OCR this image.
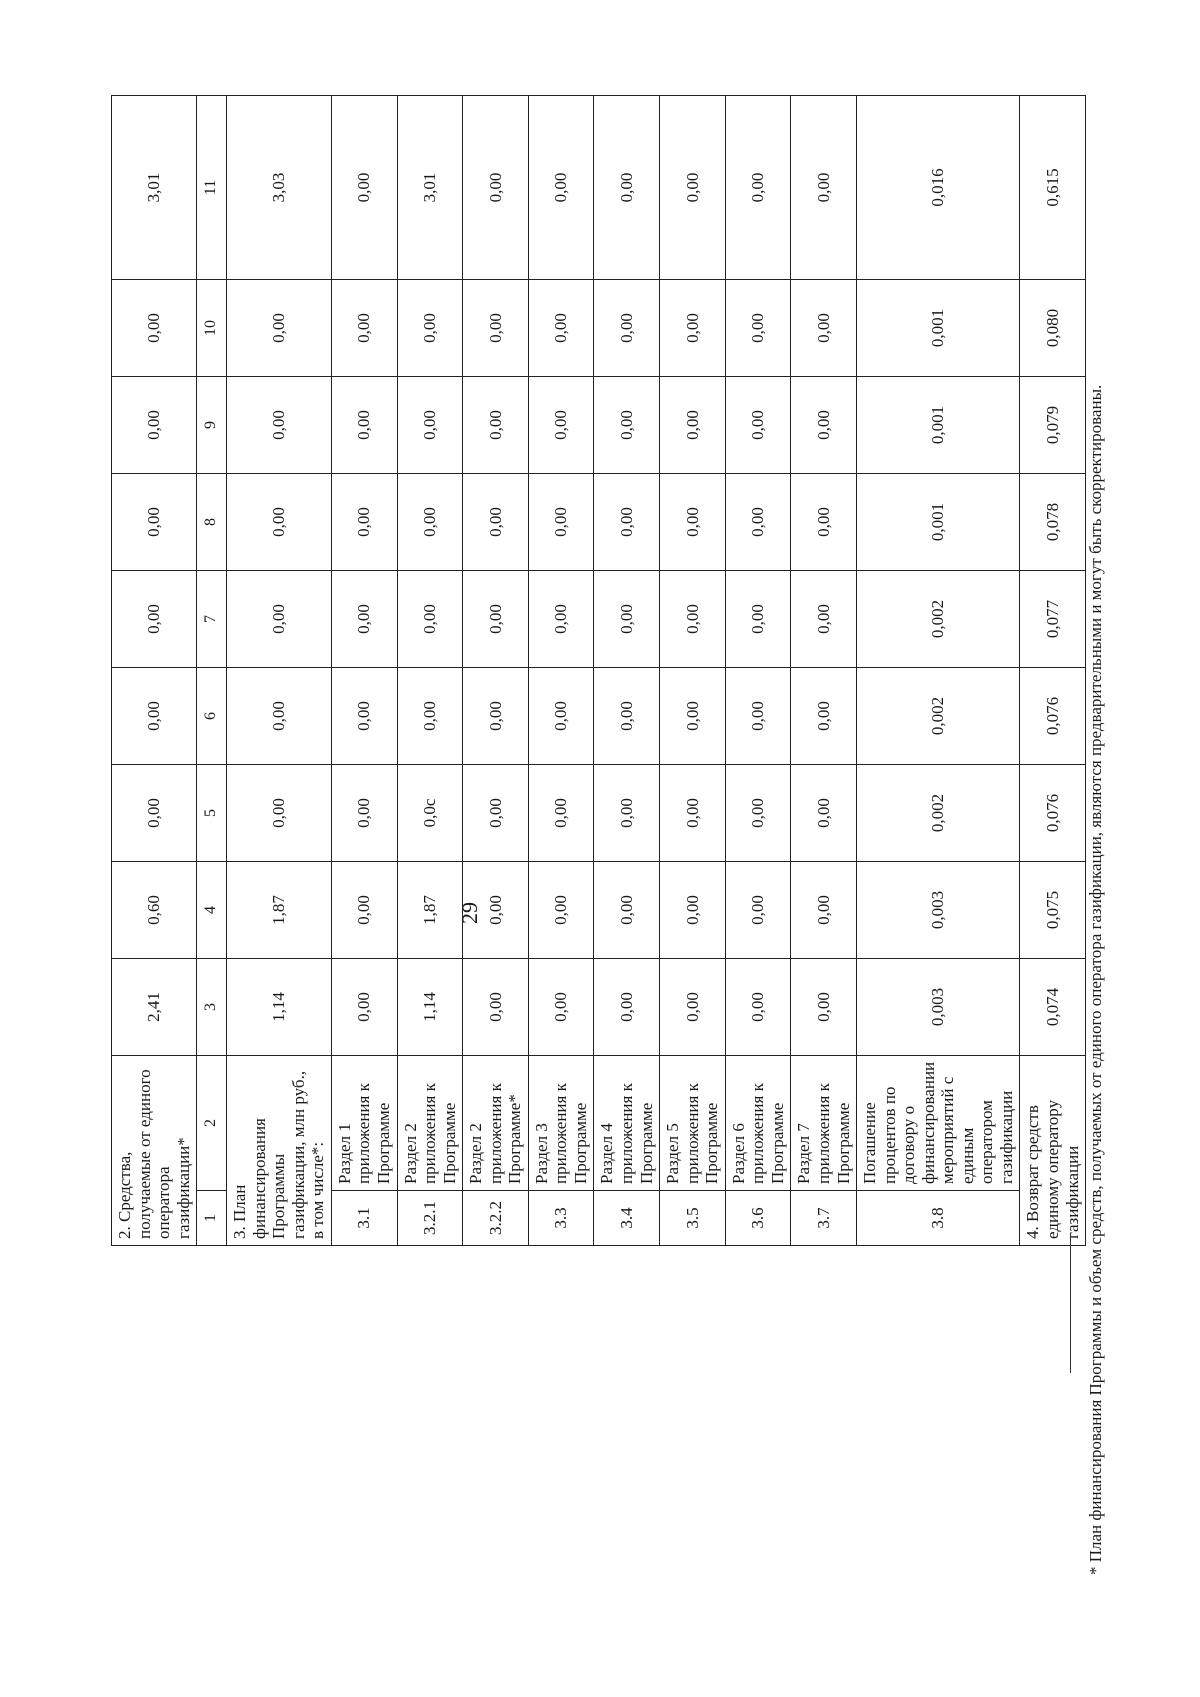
29
2. Средства, получаемые от единого оператора газификации*		2,41	0,60	0,00	0,00	0,00	0,00	0,00	0,00	3,01
1	2	3	4	5	6	7	8	9	10	11
3. План финансирования Программы газификации, млн руб., в том числе*:		1,14	1,87	0,00	0,00	0,00	0,00	0,00	0,00	3,03
3.1	Раздел 1 приложения к Программе	0,00	0,00	0,00	0,00	0,00	0,00	0,00	0,00	0,00
3.2.1	Раздел 2 приложения к Программе	1,14	1,87	0,0с	0,00	0,00	0,00	0,00	0,00	3,01
3.2.2	Раздел 2 приложения к Программе*	0,00	0,00	0,00	0,00	0,00	0,00	0,00	0,00	0,00
3.3	Раздел 3 приложения к Программе	0,00	0,00	0,00	0,00	0,00	0,00	0,00	0,00	0,00
3.4	Раздел 4 приложения к Программе	0,00	0,00	0,00	0,00	0,00	0,00	0,00	0,00	0,00
3.5	Раздел 5 приложения к Программе	0,00	0,00	0,00	0,00	0,00	0,00	0,00	0,00	0,00
3.6	Раздел 6 приложения к Программе	0,00	0,00	0,00	0,00	0,00	0,00	0,00	0,00	0,00
3.7	Раздел 7 приложения к Программе	0,00	0,00	0,00	0,00	0,00	0,00	0,00	0,00	0,00
3.8	Погашение процентов по договору о финансировании мероприятий с единым оператором газификации	0,003	0,003	0,002	0,002	0,002	0,001	0,001	0,001	0,016
4. Возврат средств единому оператору газификации		0,074	0,075	0,076	0,076	0,077	0,078	0,079	0,080	0,615
* План финансирования Программы и объем средств, получаемых от единого оператора газификации, являются предварительными и могут быть скорректированы.
